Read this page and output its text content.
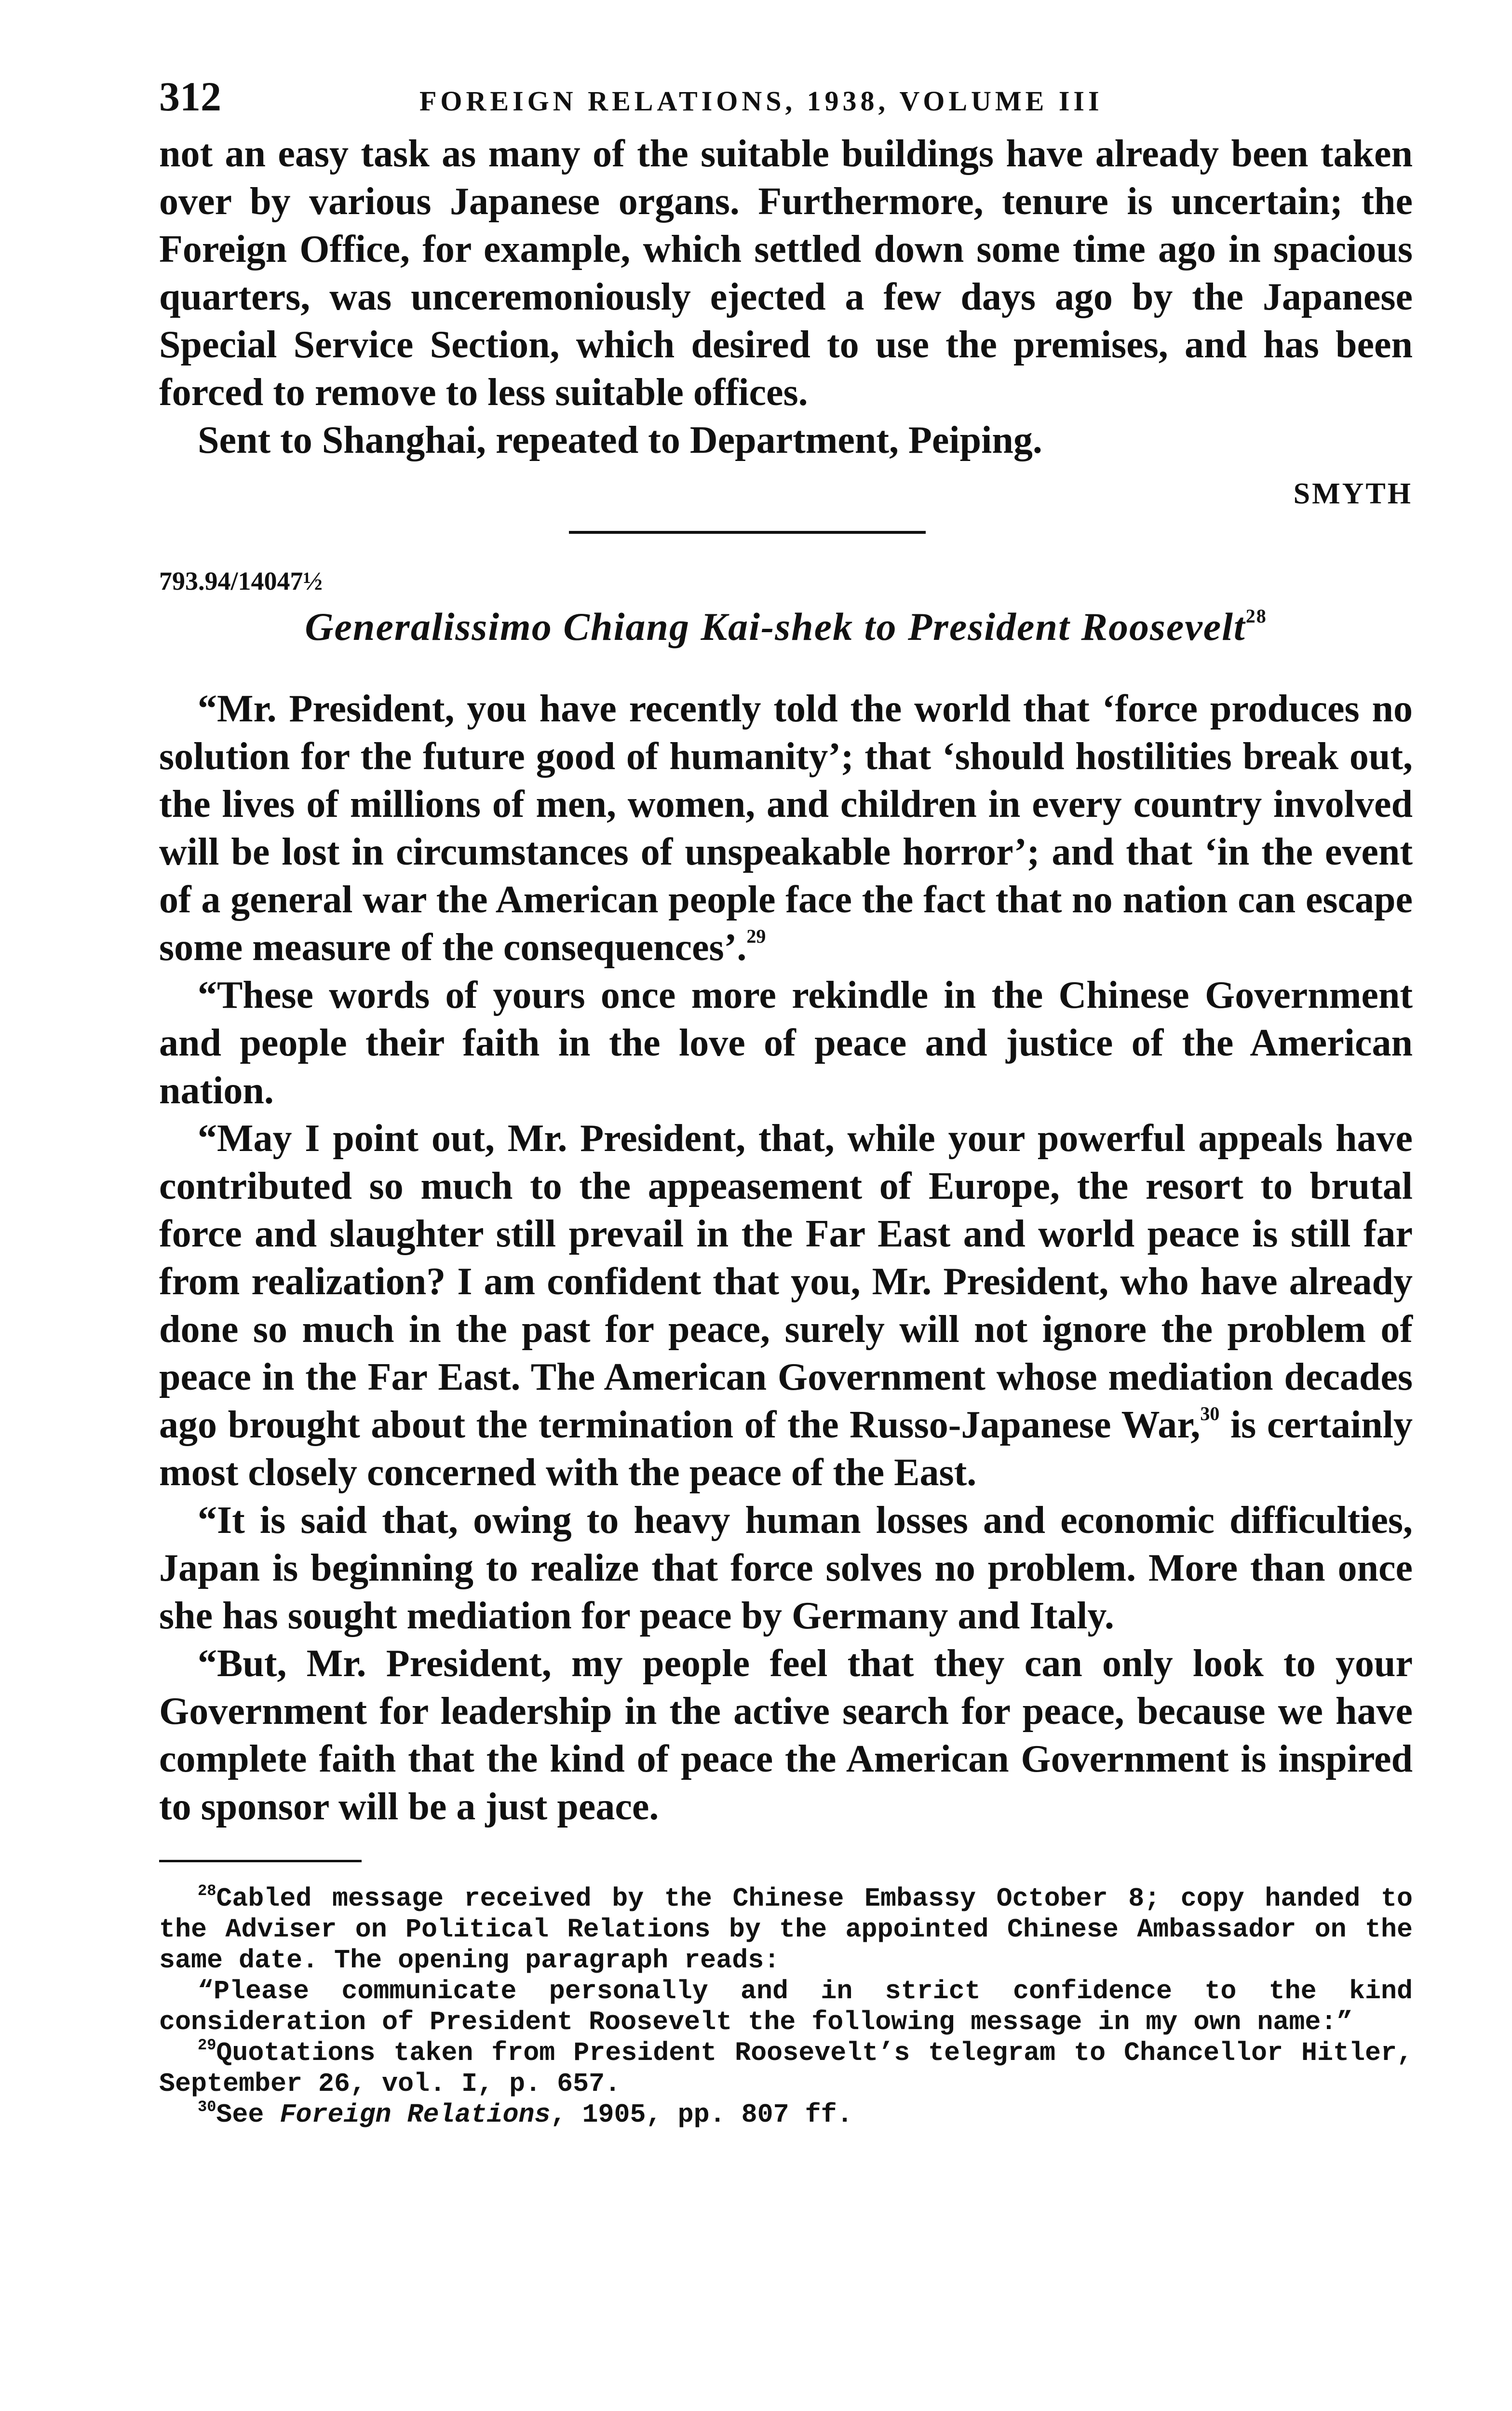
312	FOREIGN RELATIONS, 1938, VOLUME III

not an easy task as many of the suitable buildings have already been taken over by various Japanese organs. Furthermore, tenure is uncertain; the Foreign Office, for example, which settled down some time ago in spacious quarters, was unceremoniously ejected a few days ago by the Japanese Special Service Section, which desired to use the premises, and has been forced to remove to less suitable offices.

Sent to Shanghai, repeated to Department, Peiping.

SMYTH
793.94/14047½
Generalissimo Chiang Kai-shek to President Roosevelt$^{28}$

“Mr. President, you have recently told the world that ‘force produces no solution for the future good of humanity’; that ‘should hostilities break out, the lives of millions of men, women, and children in every country involved will be lost in circumstances of unspeakable horror’; and that ‘in the event of a general war the American people face the fact that no nation can escape some measure of the consequences’.$^{29}$

“These words of yours once more rekindle in the Chinese Government and people their faith in the love of peace and justice of the American nation.

“May I point out, Mr. President, that, while your powerful appeals have contributed so much to the appeasement of Europe, the resort to brutal force and slaughter still prevail in the Far East and world peace is still far from realization? I am confident that you, Mr. President, who have already done so much in the past for peace, surely will not ignore the problem of peace in the Far East. The American Government whose mediation decades ago brought about the termination of the Russo-Japanese War,$^{30}$ is certainly most closely concerned with the peace of the East.

“It is said that, owing to heavy human losses and economic difficulties, Japan is beginning to realize that force solves no problem. More than once she has sought mediation for peace by Germany and Italy.

“But, Mr. President, my people feel that they can only look to your Government for leadership in the active search for peace, because we have complete faith that the kind of peace the American Government is inspired to sponsor will be a just peace.

$^{28}$Cabled message received by the Chinese Embassy October 8; copy handed to the Adviser on Political Relations by the appointed Chinese Ambassador on the same date. The opening paragraph reads:

“Please communicate personally and in strict confidence to the kind consideration of President Roosevelt the following message in my own name:”

$^{29}$Quotations taken from President Roosevelt’s telegram to Chancellor Hitler, September 26, vol. I, p. 657.

$^{30}$See Foreign Relations, 1905, pp. 807 ff.
